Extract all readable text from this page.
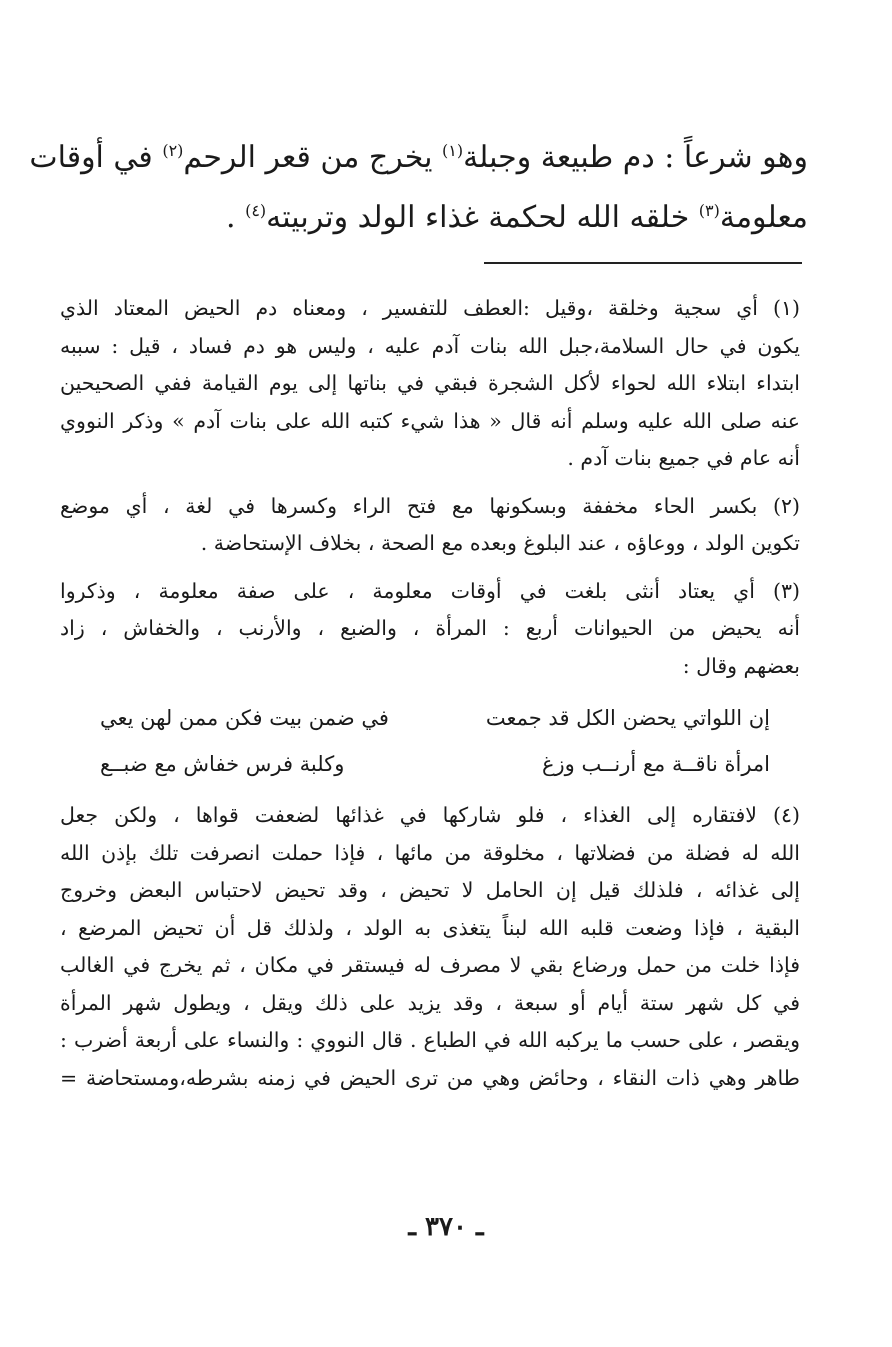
وهو شرعاً : دم طبيعة وجبلة$^{(١)}$ يخرج من قعر الرحم$^{(٢)}$ في أوقات
معلومة$^{(٣)}$ خلقه الله لحكمة غذاء الولد وتربيته$^{(٤)}$ .
(١) أي سجية وخلقة ،وقيل :العطف للتفسير ، ومعناه دم الحيض المعتاد الذي
يكون في حال السلامة،جبل الله بنات آدم عليه ، وليس هو دم فساد ، قيل : سببه
ابتداء ابتلاء الله لحواء لأكل الشجرة فبقي في بناتها إلى يوم القيامة ففي الصحيحين
عنه صلى الله عليه وسلم أنه قال « هذا شيء كتبه الله على بنات آدم » وذكر النووي
أنه عام في جميع بنات آدم .
(٢) بكسر الحاء مخففة وبسكونها مع فتح الراء وكسرها في لغة ، أي موضع
تكوين الولد ، ووعاؤه ، عند البلوغ وبعده مع الصحة ، بخلاف الإستحاضة .
(٣) أي يعتاد أنثى بلغت في أوقات معلومة ، على صفة معلومة ، وذكروا
أنه يحيض من الحيوانات أربع : المرأة ، والضبع ، والأرنب ، والخفاش ، زاد
بعضهم وقال :
إن اللواتي يحضن الكل قد جمعت
في ضمن بيت فكن ممن لهن يعي
امرأة ناقــة مع أرنــب وزغ
وكلبة فرس خفاش مع ضبــع
(٤) لافتقاره إلى الغذاء ، فلو شاركها في غذائها لضعفت قواها ، ولكن جعل
الله له فضلة من فضلاتها ، مخلوقة من مائها ، فإذا حملت انصرفت تلك بإذن الله
إلى غذائه ، فلذلك قيل إن الحامل لا تحيض ، وقد تحيض لاحتباس البعض وخروج
البقية ، فإذا وضعت قلبه الله لبناً يتغذى به الولد ، ولذلك قل أن تحيض المرضع ،
فإذا خلت من حمل ورضاع بقي لا مصرف له فيستقر في مكان ، ثم يخرج في الغالب
في كل شهر ستة أيام أو سبعة ، وقد يزيد على ذلك ويقل ، ويطول شهر المرأة
ويقصر ، على حسب ما يركبه الله في الطباع . قال النووي : والنساء على أربعة أضرب :
طاهر وهي ذات النقاء ، وحائض وهي من ترى الحيض في زمنه بشرطه،ومستحاضة =
ـ ٣٧٠ ـ
